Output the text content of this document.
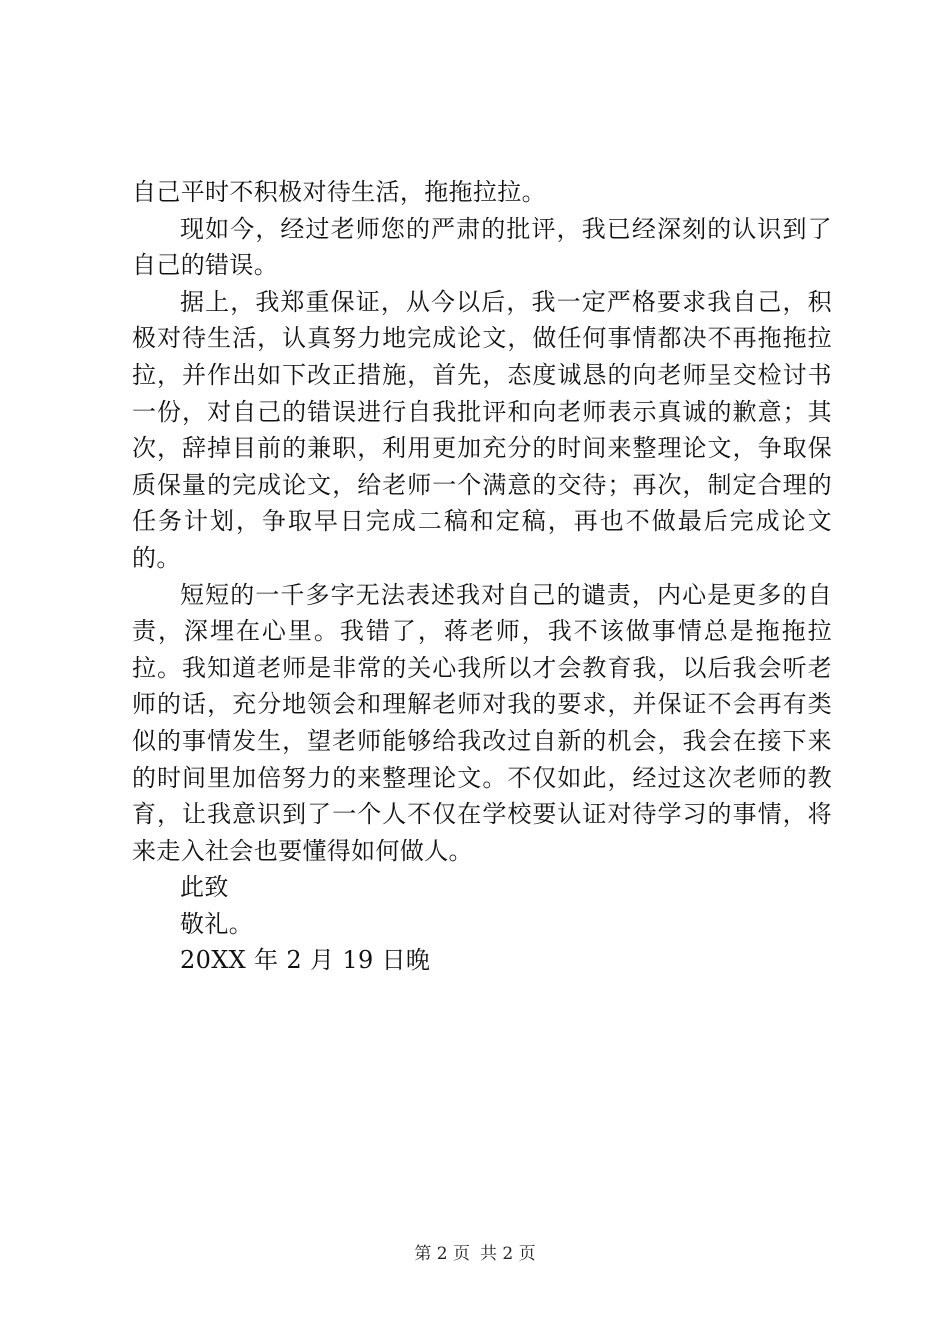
自己平时不积极对待生活，拖拖拉拉。

现如今，经过老师您的严肃的批评，我已经深刻的认识到了自己的错误。

据上，我郑重保证，从今以后，我一定严格要求我自己，积极对待生活，认真努力地完成论文，做任何事情都决不再拖拖拉拉，并作出如下改正措施，首先，态度诚恳的向老师呈交检讨书一份，对自己的错误进行自我批评和向老师表示真诚的歉意；其次，辞掉目前的兼职，利用更加充分的时间来整理论文，争取保质保量的完成论文，给老师一个满意的交待；再次，制定合理的任务计划，争取早日完成二稿和定稿，再也不做最后完成论文的。

短短的一千多字无法表述我对自己的谴责，内心是更多的自责，深埋在心里。我错了，蒋老师，我不该做事情总是拖拖拉拉。我知道老师是非常的关心我所以才会教育我，以后我会听老师的话，充分地领会和理解老师对我的要求，并保证不会再有类似的事情发生，望老师能够给我改过自新的机会，我会在接下来的时间里加倍努力的来整理论文。不仅如此，经过这次老师的教育，让我意识到了一个人不仅在学校要认证对待学习的事情，将来走入社会也要懂得如何做人。

此致

敬礼。

20XX 年 2 月 19 日晚

第 2 页 共 2 页
